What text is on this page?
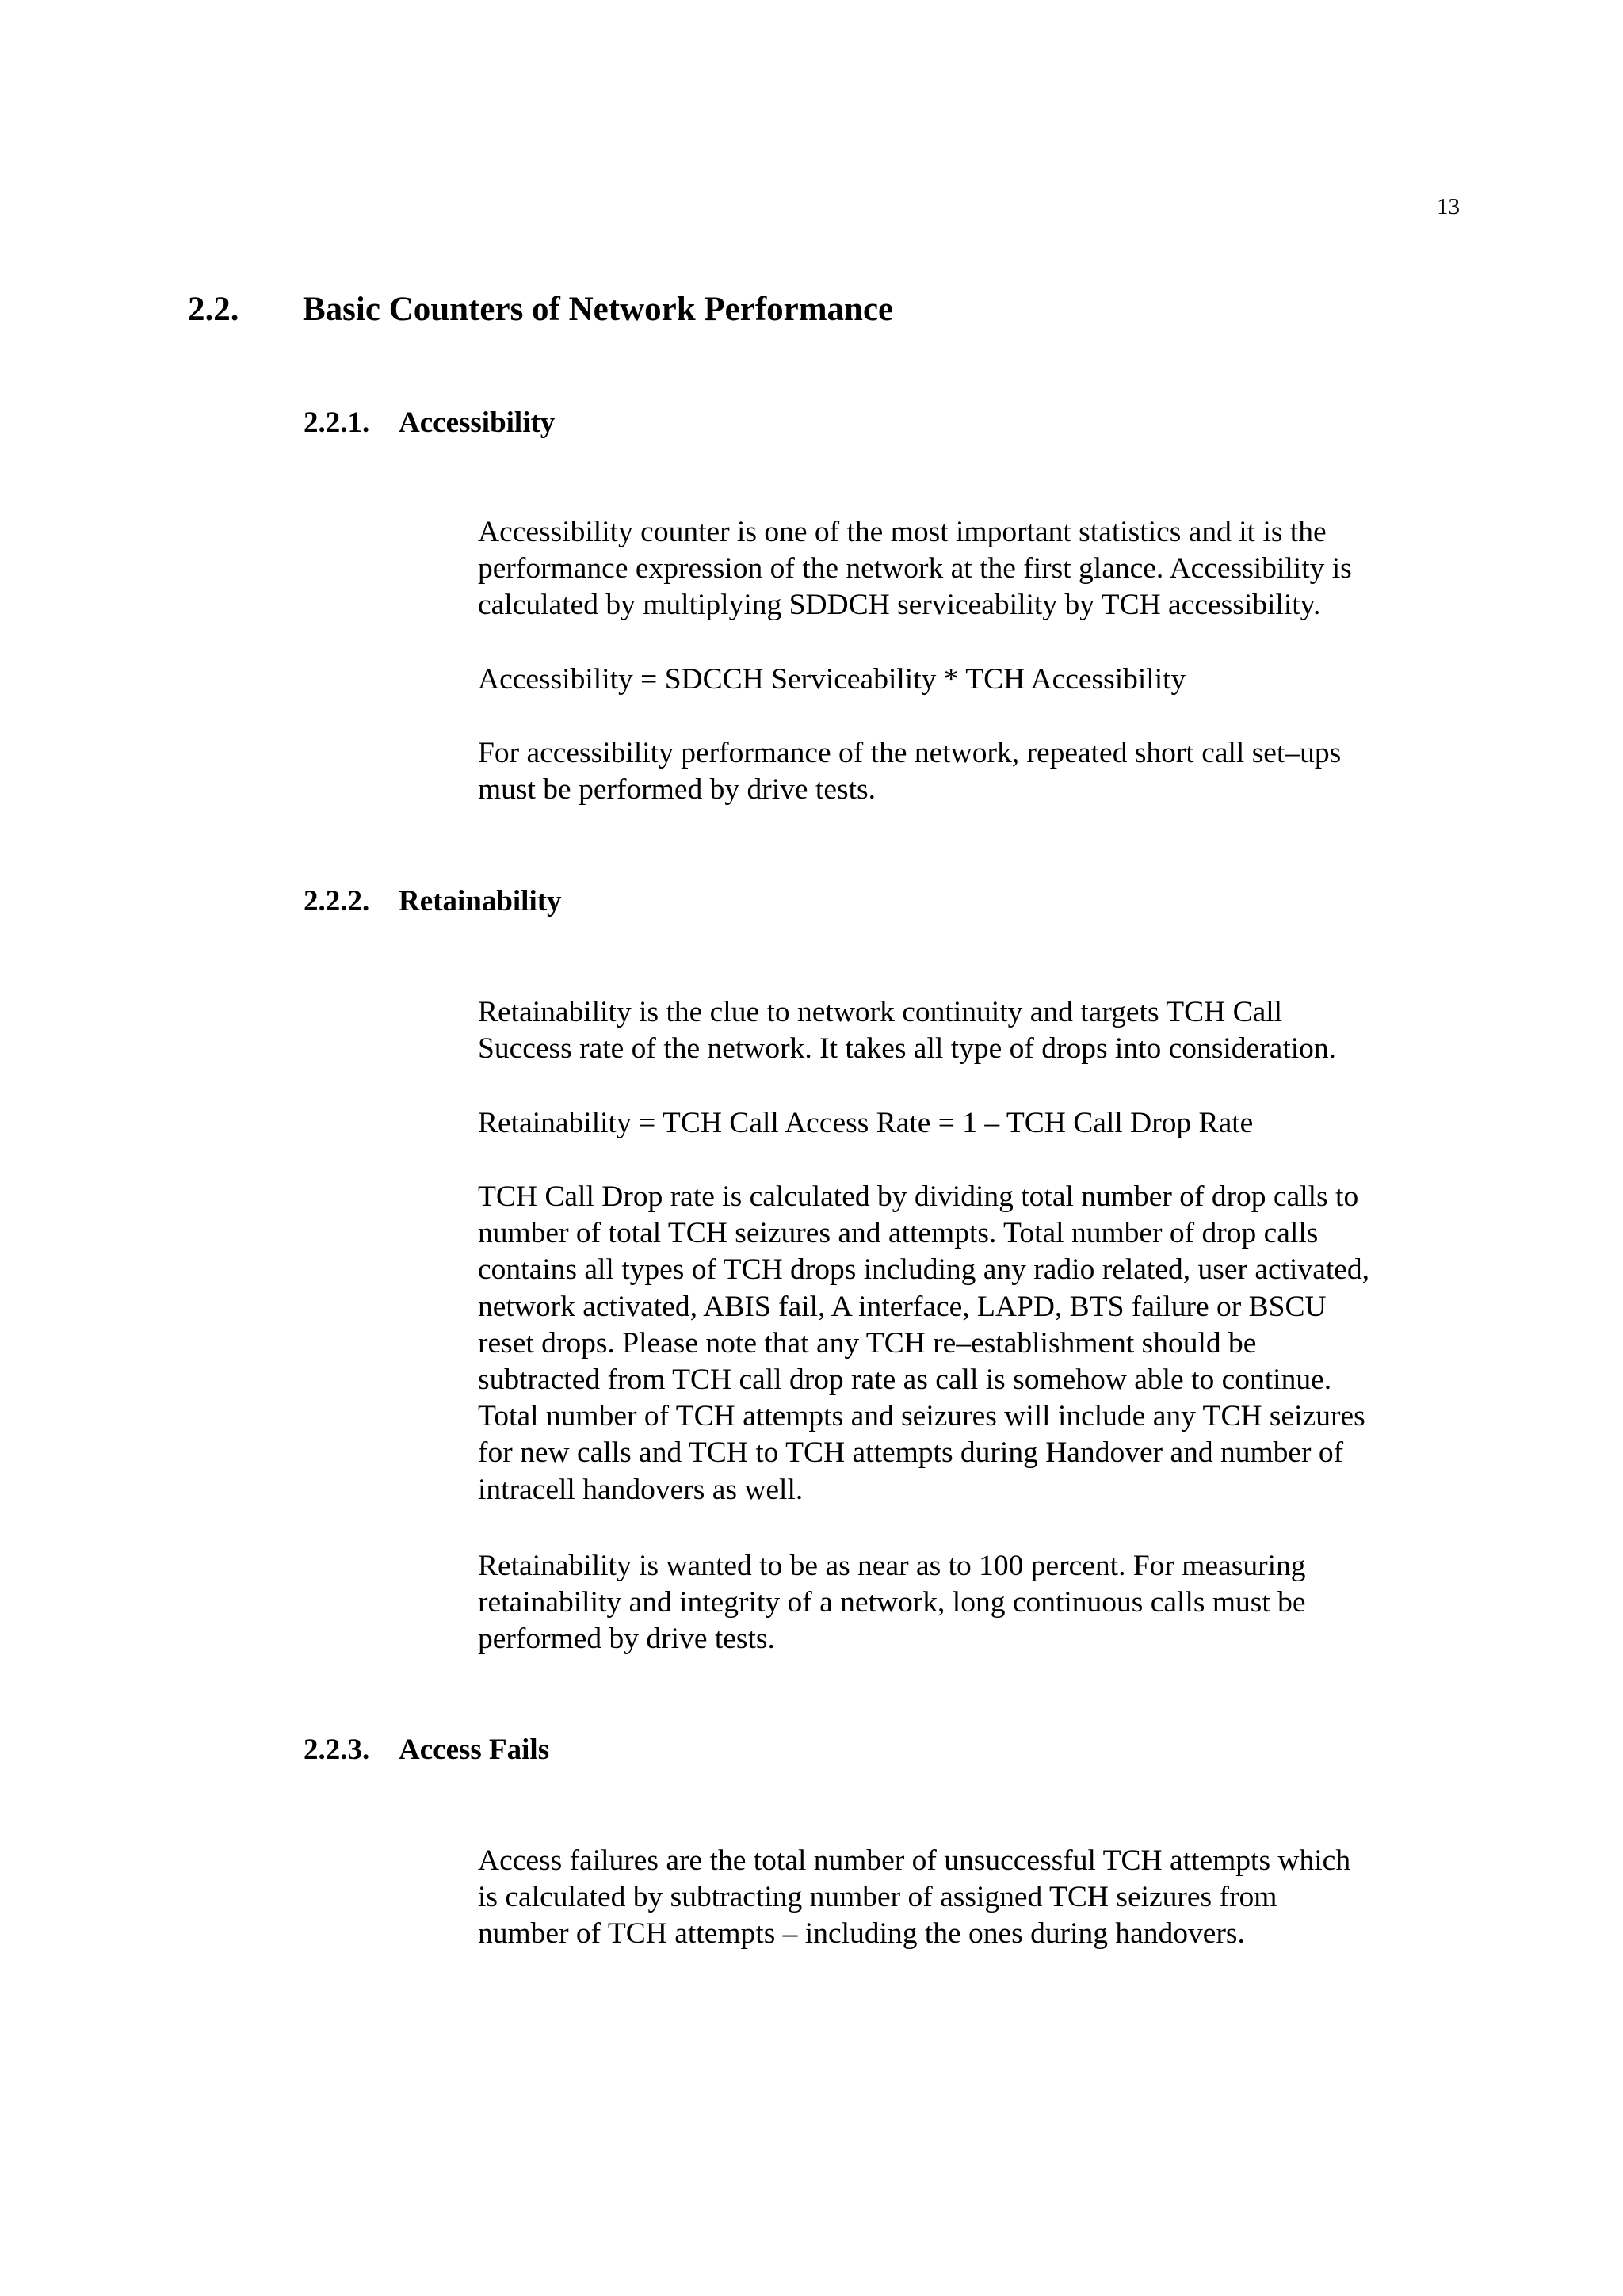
13
2.2. Basic Counters of Network Performance
2.2.1. Accessibility

Accessibility counter is one of the most important statistics and it is the
performance expression of the network at the first glance. Accessibility is
calculated by multiplying SDDCH serviceability by TCH accessibility.

Accessibility = SDCCH Serviceability * TCH Accessibility

For accessibility performance of the network, repeated short call set–ups
must be performed by drive tests.

2.2.2. Retainability

Retainability is the clue to network continuity and targets TCH Call
Success rate of the network. It takes all type of drops into consideration.

Retainability = TCH Call Access Rate = 1 – TCH Call Drop Rate

TCH Call Drop rate is calculated by dividing total number of drop calls to
number of total TCH seizures and attempts. Total number of drop calls
contains all types of TCH drops including any radio related, user activated,
network activated, ABIS fail, A interface, LAPD, BTS failure or BSCU
reset drops. Please note that any TCH re–establishment should be
subtracted from TCH call drop rate as call is somehow able to continue.
Total number of TCH attempts and seizures will include any TCH seizures
for new calls and TCH to TCH attempts during Handover and number of
intracell handovers as well.

Retainability is wanted to be as near as to 100 percent. For measuring
retainability and integrity of a network, long continuous calls must be
performed by drive tests.

2.2.3. Access Fails

Access failures are the total number of unsuccessful TCH attempts which
is calculated by subtracting number of assigned TCH seizures from
number of TCH attempts – including the ones during handovers.
